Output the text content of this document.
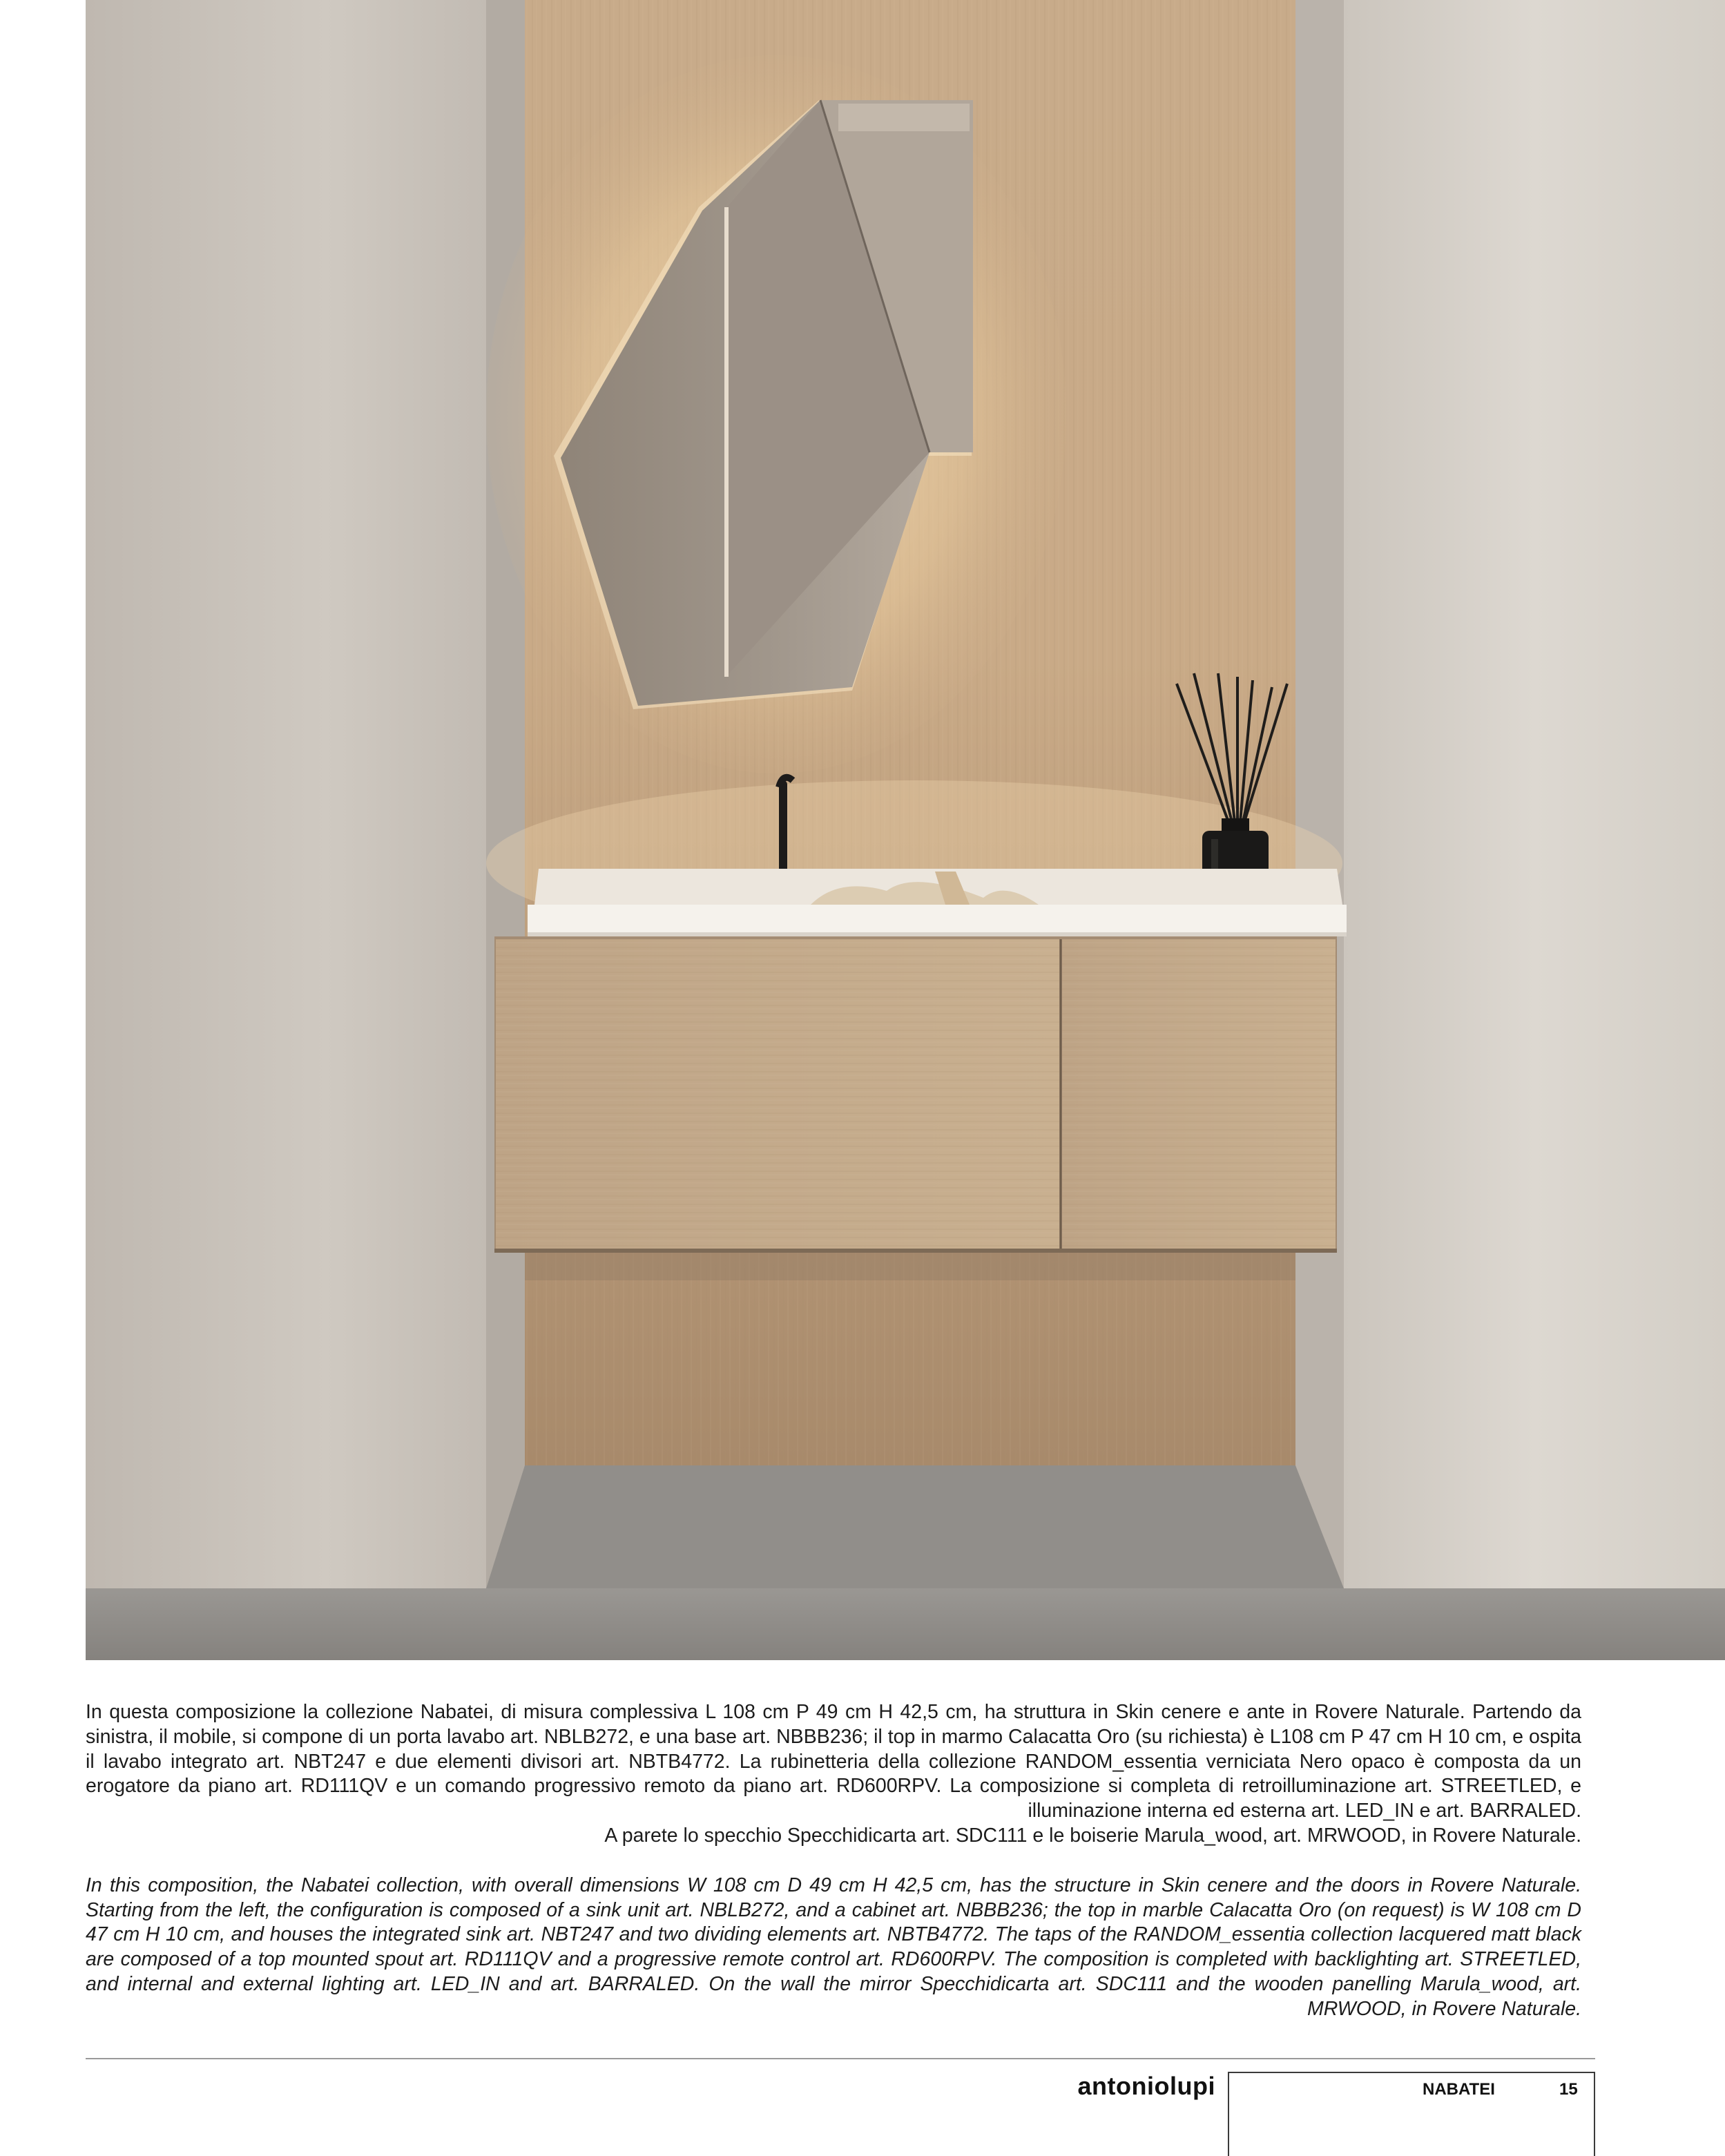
In questa composizione la collezione Nabatei, di misura complessiva L 108 cm P 49 cm H 42,5 cm, ha struttura in Skin cenere e ante in Rovere Naturale. Partendo da sinistra, il mobile, si compone di un porta lavabo art. NBLB272, e una base art. NBBB236; il top in marmo Calacatta Oro (su richiesta) è L108 cm P 47 cm H 10 cm, e ospita il lavabo integrato art. NBT247 e due elementi divisori art. NBTB4772. La rubinetteria della collezione RANDOM_essentia verniciata Nero opaco è composta da un erogatore da piano art. RD111QV e un comando progressivo remoto da piano art. RD600RPV. La composizione si completa di retroilluminazione art. STREETLED, e illuminazione interna ed esterna art. LED_IN e art. BARRALED.
A parete lo specchio Specchidicarta art. SDC111 e le boiserie Marula_wood, art. MRWOOD, in Rovere Naturale.
In this composition, the Nabatei collection, with overall dimensions W 108 cm D 49 cm H 42,5 cm, has the structure in Skin cenere and the doors in Rovere Naturale. Starting from the left, the configuration is composed of a sink unit art. NBLB272, and a cabinet art. NBBB236; the top in marble Calacatta Oro (on request) is W 108 cm D 47 cm H 10 cm, and houses the integrated sink art. NBT247 and two dividing elements art. NBTB4772. The taps of the RANDOM_essentia collection lacquered matt black are composed of a top mounted spout art. RD111QV and a progressive remote control art. RD600RPV. The composition is completed with backlighting art. STREETLED, and internal and external lighting art. LED_IN and art. BARRALED. On the wall the mirror Specchidicarta art. SDC111 and the wooden panelling Marula_wood, art. MRWOOD, in Rovere Naturale.
antoniolupi	NABATEI	15
